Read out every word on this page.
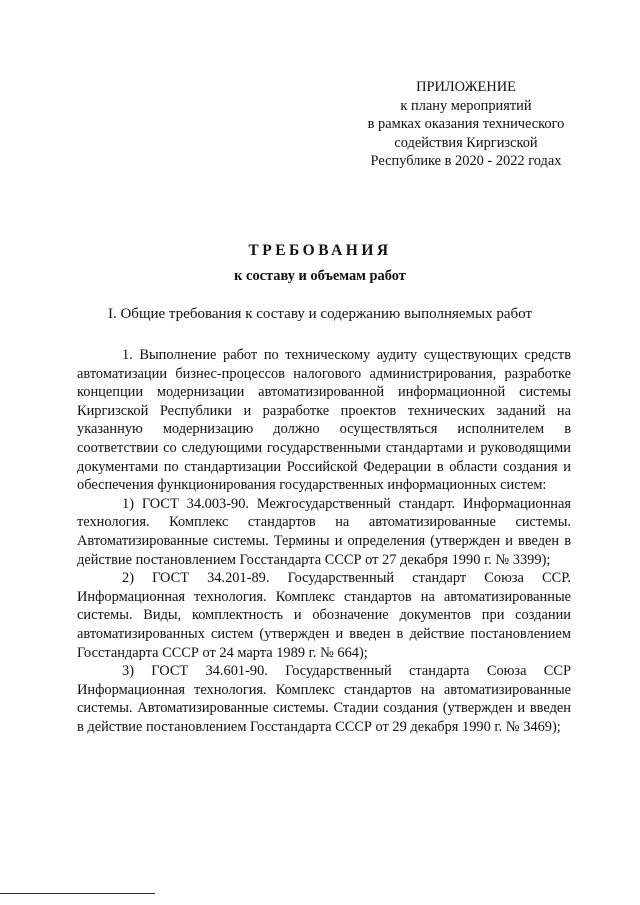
ПРИЛОЖЕНИЕ
к плану мероприятий
в рамках оказания технического
содействия Киргизской
Республике в 2020 - 2022 годах
ТРЕБОВАНИЯ
к составу и объемам работ
I. Общие требования к составу и содержанию выполняемых работ

1. Выполнение работ по техническому аудиту существующих средств автоматизации бизнес-процессов налогового администрирования, разработке концепции модернизации автоматизированной информационной системы Киргизской Республики и разработке проектов технических заданий на указанную модернизацию должно осуществляться исполнителем в соответствии со следующими государственными стандартами и руководящими документами по стандартизации Российской Федерации в области создания и обеспечения функционирования государственных информационных систем:

1) ГОСТ 34.003-90. Межгосударственный стандарт. Информационная технология. Комплекс стандартов на автоматизированные системы. Автоматизированные системы. Термины и определения (утвержден и введен в действие постановлением Госстандарта СССР от 27 декабря 1990 г. № 3399);

2) ГОСТ 34.201-89. Государственный стандарт Союза ССР. Информационная технология. Комплекс стандартов на автоматизированные системы. Виды, комплектность и обозначение документов при создании автоматизированных систем (утвержден и введен в действие постановлением Госстандарта СССР от 24 марта 1989 г. № 664);

3) ГОСТ 34.601-90. Государственный стандарта Союза ССР Информационная технология. Комплекс стандартов на автоматизированные системы. Автоматизированные системы. Стадии создания (утвержден и введен в действие постановлением Госстандарта СССР от 29 декабря 1990 г. № 3469);
